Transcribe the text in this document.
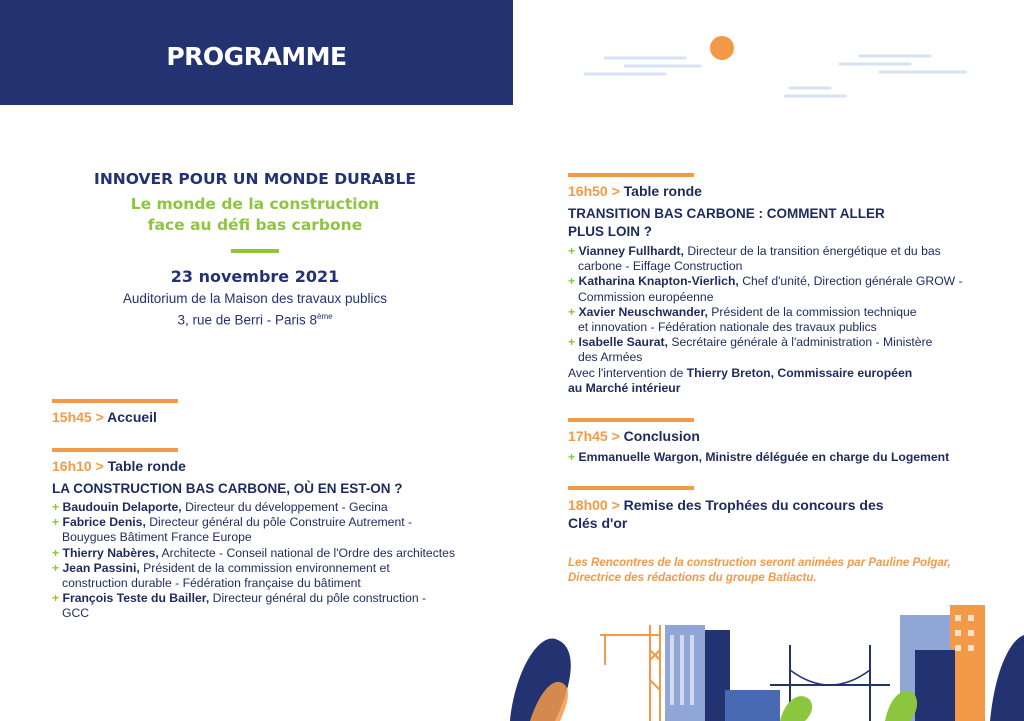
PROGRAMME
INNOVER POUR UN MONDE DURABLE
Le monde de la construction
face au défi bas carbone
23 novembre 2021
Auditorium de la Maison des travaux publics
3, rue de Berri - Paris 8ème
15h45 > Accueil
16h10 > Table ronde
LA CONSTRUCTION BAS CARBONE, OÙ EN EST-ON ?
+ Baudouin Delaporte, Directeur du développement - Gecina
+ Fabrice Denis, Directeur général du pôle Construire Autrement -
Bouygues Bâtiment France Europe
+ Thierry Nabères, Architecte - Conseil national de l'Ordre des architectes
+ Jean Passini, Président de la commission environnement et
construction durable - Fédération française du bâtiment
+ François Teste du Bailler, Directeur général du pôle construction -
GCC
16h50 > Table ronde
TRANSITION BAS CARBONE : COMMENT ALLER
PLUS LOIN ?
+ Vianney Fullhardt, Directeur de la transition énergétique et du bas
carbone - Eiffage Construction
+ Katharina Knapton-Vierlich, Chef d'unité, Direction générale GROW -
Commission européenne
+ Xavier Neuschwander, Président de la commission technique
et innovation - Fédération nationale des travaux publics
+ Isabelle Saurat, Secrétaire générale à l'administration - Ministère
des Armées
Avec l'intervention de Thierry Breton, Commissaire européen
au Marché intérieur
17h45 > Conclusion
+ Emmanuelle Wargon, Ministre déléguée en charge du Logement
18h00 > Remise des Trophées du concours des
Clés d'or
Les Rencontres de la construction seront animées par Pauline Polgar,
Directrice des rédactions du groupe Batiactu.
